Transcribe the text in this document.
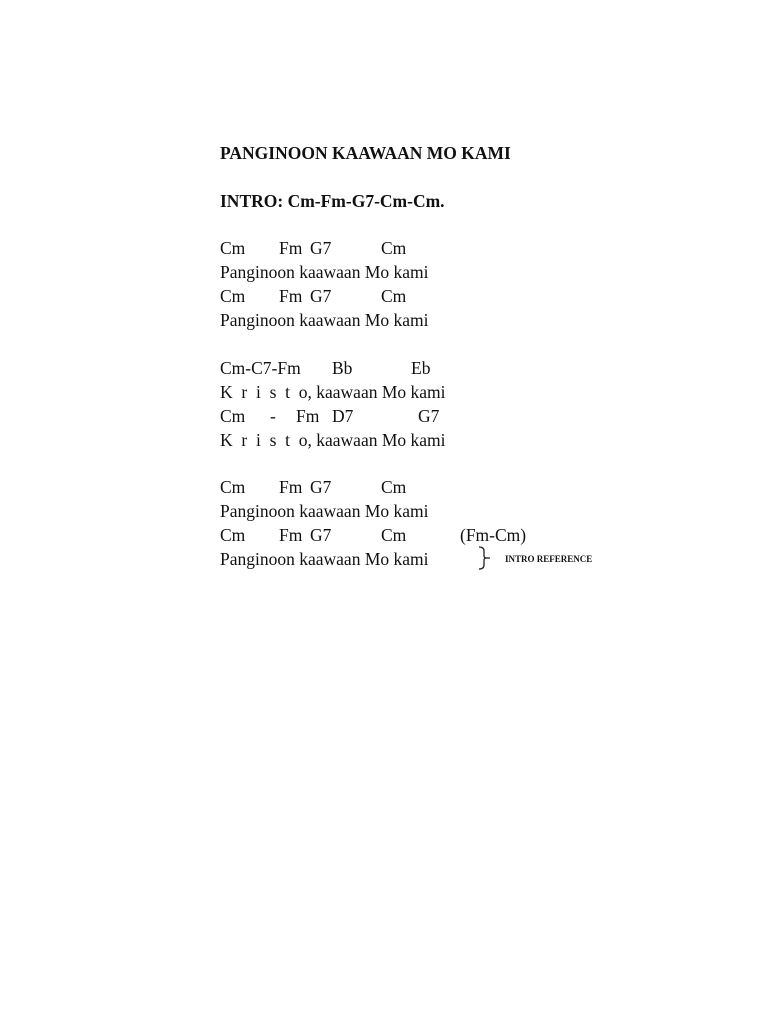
PANGINOON KAAWAAN MO KAMI
INTRO: Cm-Fm-G7-Cm-Cm.
Cm Fm G7	Cm
Panginoon kaawaan Mo kami
Cm Fm G7	Cm
Panginoon kaawaan Mo kami
Cm-C7-Fm Bb	Eb
K  r  i  s  t  o, kaawaan Mo kami
Cm - Fm D7	G7
K  r  i  s  t  o, kaawaan Mo kami
Cm Fm G7	Cm
Panginoon kaawaan Mo kami
Cm Fm G7	Cm	(Fm-Cm)
Panginoon kaawaan Mo kami	INTRO REFERENCE
